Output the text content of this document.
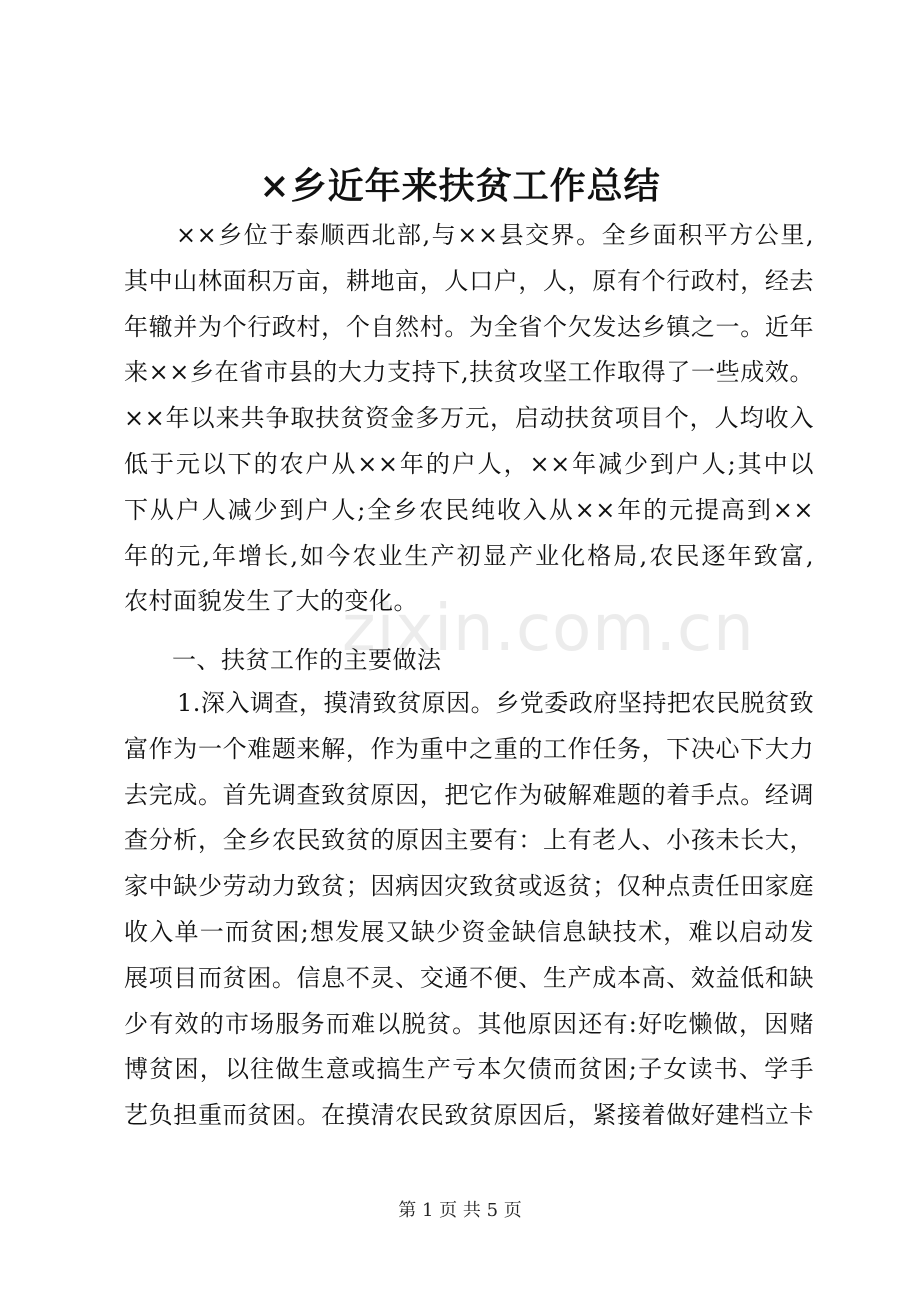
zixin.com.cn
×乡近年来扶贫工作总结
××乡位于泰顺西北部,与××县交界。全乡面积平方公里,
其中山林面积万亩，耕地亩，人口户，人，原有个行政村，经去
年辙并为个行政村，个自然村。为全省个欠发达乡镇之一。近年
来××乡在省市县的大力支持下,扶贫攻坚工作取得了一些成效。
××年以来共争取扶贫资金多万元，启动扶贫项目个，人均收入
低于元以下的农户从××年的户人，××年减少到户人;其中以
下从户人减少到户人;全乡农民纯收入从××年的元提高到××
年的元,年增长,如今农业生产初显产业化格局,农民逐年致富,
农村面貌发生了大的变化。
一、扶贫工作的主要做法
1.深入调查，摸清致贫原因。乡党委政府坚持把农民脱贫致
富作为一个难题来解，作为重中之重的工作任务，下决心下大力
去完成。首先调查致贫原因，把它作为破解难题的着手点。经调
查分析，全乡农民致贫的原因主要有：上有老人、小孩未长大，
家中缺少劳动力致贫；因病因灾致贫或返贫；仅种点责任田家庭
收入单一而贫困;想发展又缺少资金缺信息缺技术，难以启动发
展项目而贫困。信息不灵、交通不便、生产成本高、效益低和缺
少有效的市场服务而难以脱贫。其他原因还有:好吃懒做，因赌
博贫困，以往做生意或搞生产亏本欠债而贫困;子女读书、学手
艺负担重而贫困。在摸清农民致贫原因后，紧接着做好建档立卡
第 1 页 共 5 页
